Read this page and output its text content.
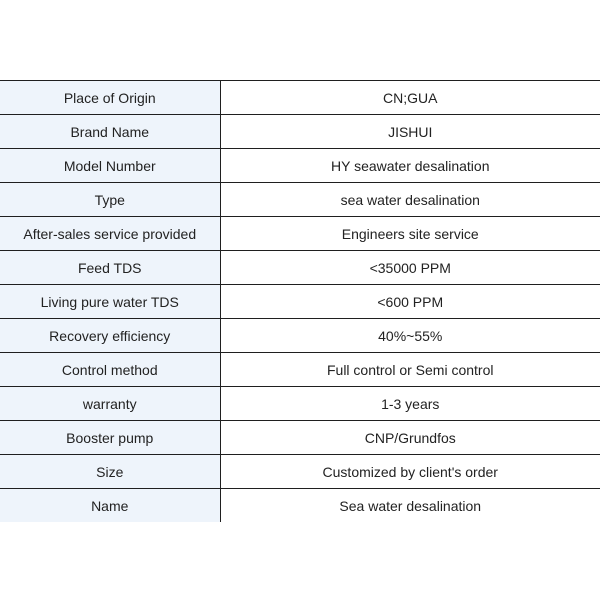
Place of Origin	CN;GUA
Brand Name	JISHUI
Model Number	HY seawater desalination
Type	sea water desalination
After-sales service provided	Engineers site service
Feed TDS	<35000 PPM
Living pure water TDS	<600 PPM
Recovery efficiency	40%~55%
Control method	Full control or Semi control
warranty	1-3 years
Booster pump	CNP/Grundfos
Size	Customized by client's order
Name	Sea water desalination
